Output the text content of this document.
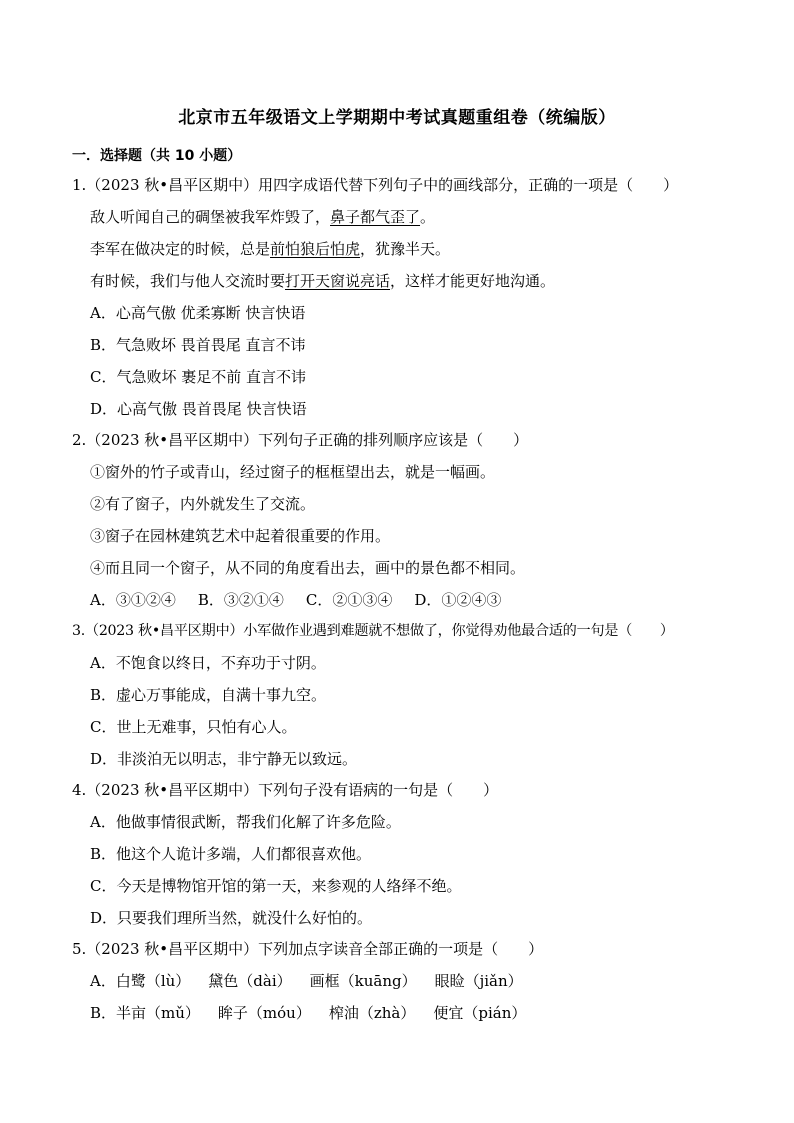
北京市五年级语文上学期期中考试真题重组卷（统编版）
一．选择题（共 10 小题）
1.（2023 秋•昌平区期中）用四字成语代替下列句子中的画线部分，正确的一项是（　　）
敌人听闻自己的碉堡被我军炸毁了，鼻子都气歪了。
李军在做决定的时候，总是前怕狼后怕虎，犹豫半天。
有时候，我们与他人交流时要打开天窗说亮话，这样才能更好地沟通。
A．心高气傲 优柔寡断 快言快语
B．气急败坏 畏首畏尾 直言不讳
C．气急败坏 裹足不前 直言不讳
D．心高气傲 畏首畏尾 快言快语
2.（2023 秋•昌平区期中）下列句子正确的排列顺序应该是（　　）
①窗外的竹子或青山，经过窗子的框框望出去，就是一幅画。
②有了窗子，内外就发生了交流。
③窗子在园林建筑艺术中起着很重要的作用。
④而且同一个窗子，从不同的角度看出去，画中的景色都不相同。
A．③①②④ B．③②①④ C．②①③④ D．①②④③
3.（2023 秋•昌平区期中）小军做作业遇到难题就不想做了，你觉得劝他最合适的一句是（　　）
A．不饱食以终日，不弃功于寸阴。
B．虚心万事能成，自满十事九空。
C．世上无难事，只怕有心人。
D．非淡泊无以明志，非宁静无以致远。
4.（2023 秋•昌平区期中）下列句子没有语病的一句是（　　）
A．他做事情很武断，帮我们化解了许多危险。
B．他这个人诡计多端，人们都很喜欢他。
C．今天是博物馆开馆的第一天，来参观的人络绎不绝。
D．只要我们理所当然，就没什么好怕的。
5.（2023 秋•昌平区期中）下列加点字读音全部正确的一项是（　　）
A．白鹭（lù） 黛色（dài） 画框（kuāng） 眼睑（jiǎn）
B．半亩（mǔ） 眸子（móu） 榨油（zhà） 便宜（pián）
